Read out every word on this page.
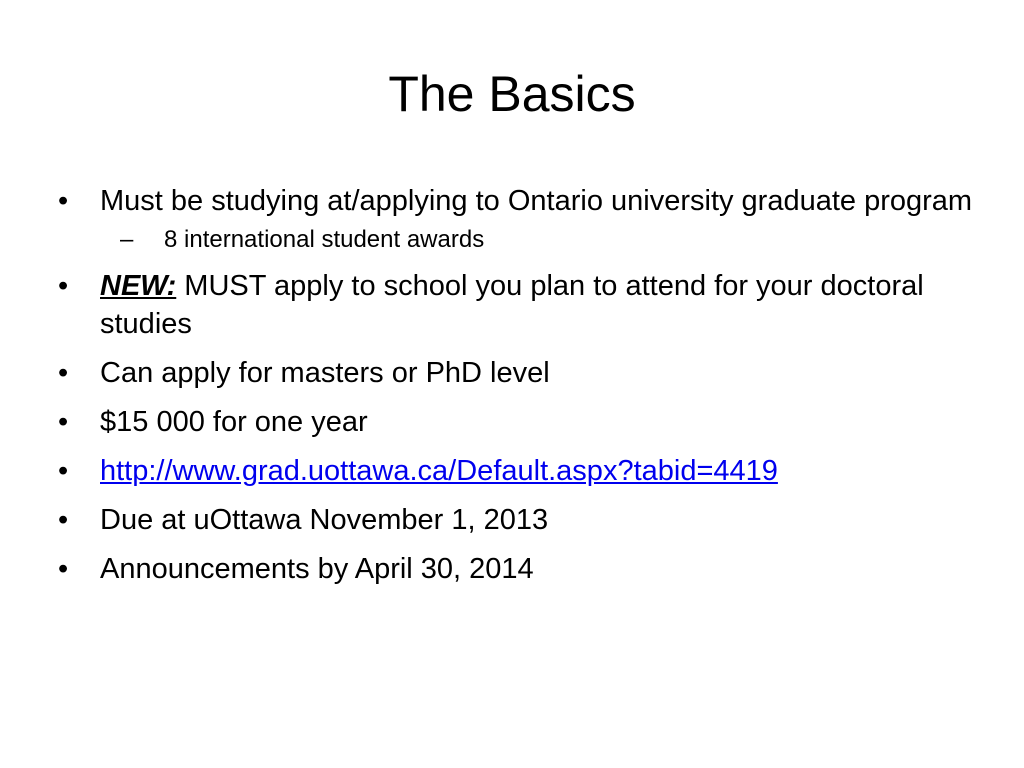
The Basics
•	Must be studying at/applying to Ontario university graduate program
– 8 international student awards
•	NEW: MUST apply to school you plan to attend for your doctoral studies
•	Can apply for masters or PhD level
•	$15 000 for one year
•	http://www.grad.uottawa.ca/Default.aspx?tabid=4419
•	Due at uOttawa November 1, 2013
•	Announcements by April 30, 2014
